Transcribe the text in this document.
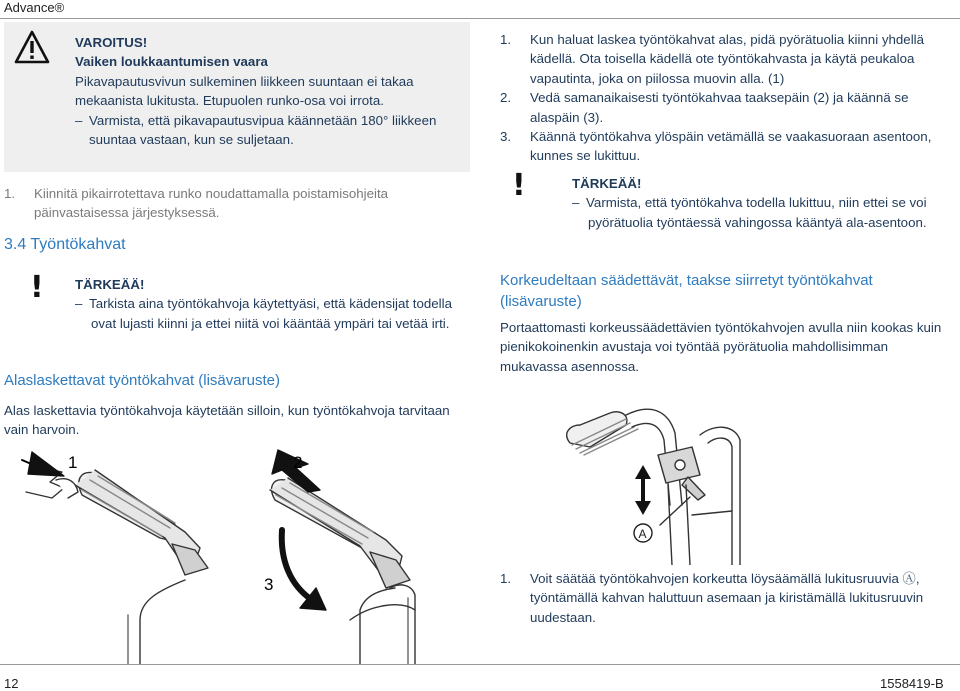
Advance®
VAROITUS!
Vaiken loukkaantumisen vaara
Pikavapautusvivun sulkeminen liikkeen suuntaan ei takaa mekaanista lukitusta. Etupuolen runko-osa voi irrota.
– Varmista, että pikavapautusvipua käännetään 180° liikkeen suuntaa vastaan, kun se suljetaan.
1.	Kiinnitä pikairrotettava runko noudattamalla poistamisohjeita päinvastaisessa järjestyksessä.
3.4 Työntökahvat
! TÄRKEÄÄ!
– Tarkista aina työntökahvoja käytettyäsi, että kädensijat todella ovat lujasti kiinni ja ettei niitä voi kääntää ympäri tai vetää irti.
Alaslaskettavat työntökahvat (lisävaruste)
Alas laskettavia työntökahvoja käytetään silloin, kun työntökahvoja tarvitaan vain harvoin.
1	2
3
1.	Kun haluat laskea työntökahvat alas, pidä pyörätuolia kiinni yhdellä kädellä. Ota toisella kädellä ote työntökahvasta ja käytä peukaloa vapautinta, joka on piilossa muovin alla. (1)
2.	Vedä samanaikaisesti työntökahvaa taaksepäin (2) ja käännä se alaspäin (3).
3.	Käännä työntökahva ylöspäin vetämällä se vaakasuoraan asentoon, kunnes se lukittuu.
!	TÄRKEÄÄ!
– Varmista, että työntökahva todella lukittuu, niin ettei se voi pyörätuolia työntäessä vahingossa kääntyä ala-asentoon.
Korkeudeltaan säädettävät, taakse siirretyt työntökahvat (lisävaruste)
Portaattomasti korkeussäädettävien työntökahvojen avulla niin kookas kuin pienikokoinenkin avustaja voi työntää pyörätuolia mahdollisimman mukavassa asennossa.
A
1.	Voit säätää työntökahvojen korkeutta löysäämällä lukitusruuvia Ⓐ, työntämällä kahvan haluttuun asemaan ja kiristämällä lukitusruuvin uudestaan.
12	1558419-B
